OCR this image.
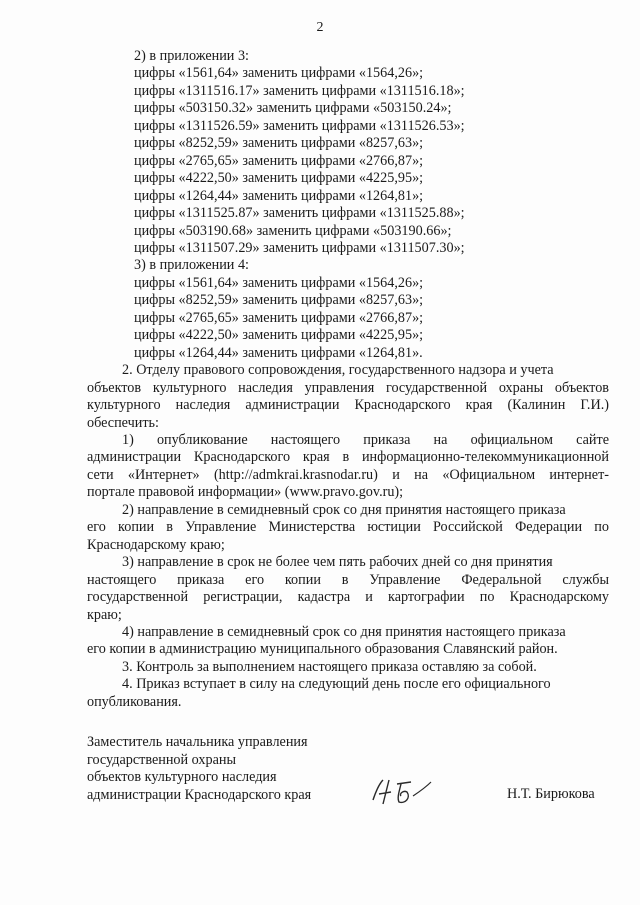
2
2) в приложении 3:
цифры «1561,64» заменить цифрами «1564,26»;
цифры «1311516.17» заменить цифрами «1311516.18»;
цифры «503150.32» заменить цифрами «503150.24»;
цифры «1311526.59» заменить цифрами «1311526.53»;
цифры «8252,59» заменить цифрами «8257,63»;
цифры «2765,65» заменить цифрами «2766,87»;
цифры «4222,50» заменить цифрами «4225,95»;
цифры «1264,44» заменить цифрами «1264,81»;
цифры «1311525.87» заменить цифрами «1311525.88»;
цифры «503190.68» заменить цифрами «503190.66»;
цифры «1311507.29» заменить цифрами «1311507.30»;
3) в приложении 4:
цифры «1561,64» заменить цифрами «1564,26»;
цифры «8252,59» заменить цифрами «8257,63»;
цифры «2765,65» заменить цифрами «2766,87»;
цифры «4222,50» заменить цифрами «4225,95»;
цифры «1264,44» заменить цифрами «1264,81».
2. Отделу правового сопровождения, государственного надзора и учета
объектов культурного наследия управления государственной охраны объектов
культурного наследия администрации Краснодарского края (Калинин Г.И.)
обеспечить:
1) опубликование настоящего приказа на официальном сайте
администрации Краснодарского края в информационно-телекоммуникационной
сети «Интернет» (http://admkrai.krasnodar.ru) и на «Официальном интернет-
портале правовой информации» (www.pravo.gov.ru);
2) направление в семидневный срок со дня принятия настоящего приказа
его копии в Управление Министерства юстиции Российской Федерации по
Краснодарскому краю;
3) направление в срок не более чем пять рабочих дней со дня принятия
настоящего приказа его копии в Управление Федеральной службы
государственной регистрации, кадастра и картографии по Краснодарскому
краю;
4) направление в семидневный срок со дня принятия настоящего приказа
его копии в администрацию муниципального образования Славянский район.
3. Контроль за выполнением настоящего приказа оставляю за собой.
4. Приказ вступает в силу на следующий день после его официального
опубликования.
Заместитель начальника управления
государственной охраны
объектов культурного наследия
администрации Краснодарского края	Н.Т. Бирюкова
